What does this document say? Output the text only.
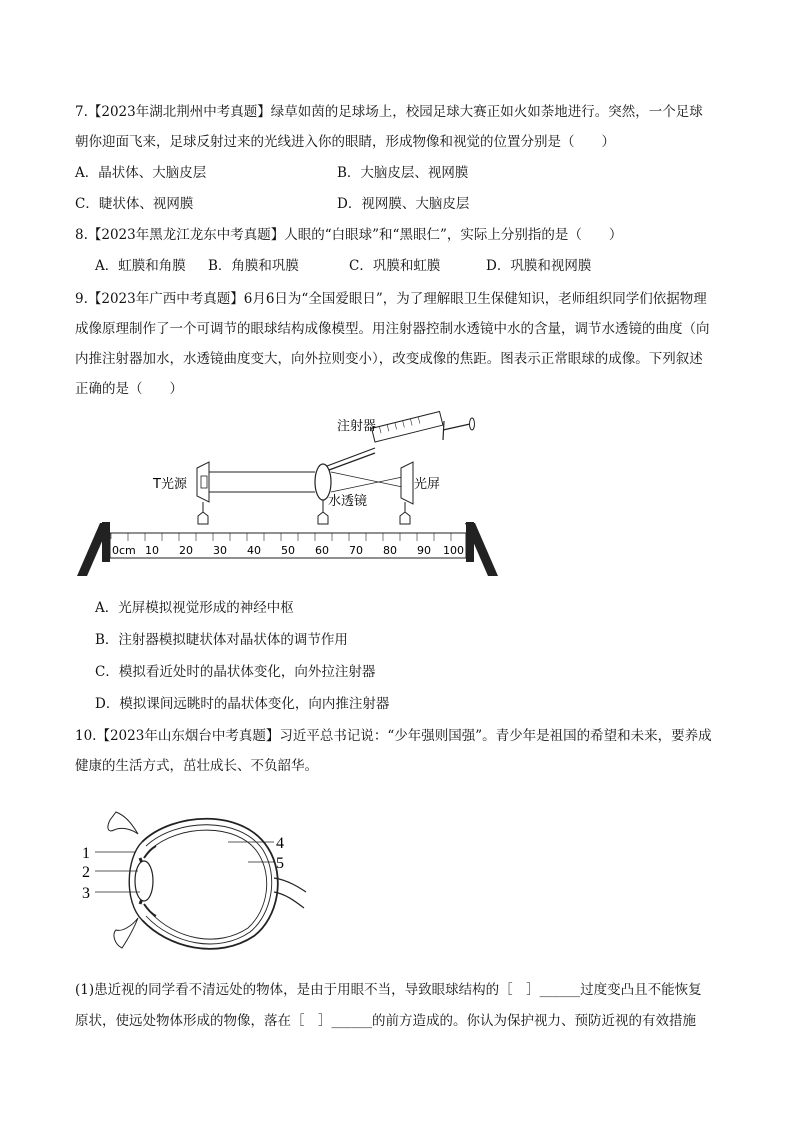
7.【2023年湖北荆州中考真题】绿草如茵的足球场上，校园足球大赛正如火如荼地进行。突然，一个足球
朝你迎面飞来，足球反射过来的光线进入你的眼睛，形成物像和视觉的位置分别是（　　）
A．晶状体、大脑皮层	B．大脑皮层、视网膜
C．睫状体、视网膜	D．视网膜、大脑皮层
8.【2023年黑龙江龙东中考真题】人眼的“白眼球”和“黑眼仁”，实际上分别指的是（　　）
A．虹膜和角膜 B．角膜和巩膜	C．巩膜和虹膜	D．巩膜和视网膜
9.【2023年广西中考真题】6月6日为“全国爱眼日”，为了理解眼卫生保健知识，老师组织同学们依据物理
成像原理制作了一个可调节的眼球结构成像模型。用注射器控制水透镜中水的含量，调节水透镜的曲度（向
内推注射器加水，水透镜曲度变大，向外拉则变小），改变成像的焦距。图表示正常眼球的成像。下列叙述
正确的是（　　）
0cm 10 20 30 40 50 60 70 80 90 100
T光源
水透镜
光屏
注射器
A．光屏模拟视觉形成的神经中枢
B．注射器模拟睫状体对晶状体的调节作用
C．模拟看近处时的晶状体变化，向外拉注射器
D．模拟课间远眺时的晶状体变化，向内推注射器
10.【2023年山东烟台中考真题】习近平总书记说：“少年强则国强”。青少年是祖国的希望和未来，要养成
健康的生活方式，茁壮成长、不负韶华。
1
2
3
4
5
(1)患近视的同学看不清远处的物体，是由于用眼不当，导致眼球结构的［　］______过度变凸且不能恢复
原状，使远处物体形成的物像，落在［　］______的前方造成的。你认为保护视力、预防近视的有效措施
